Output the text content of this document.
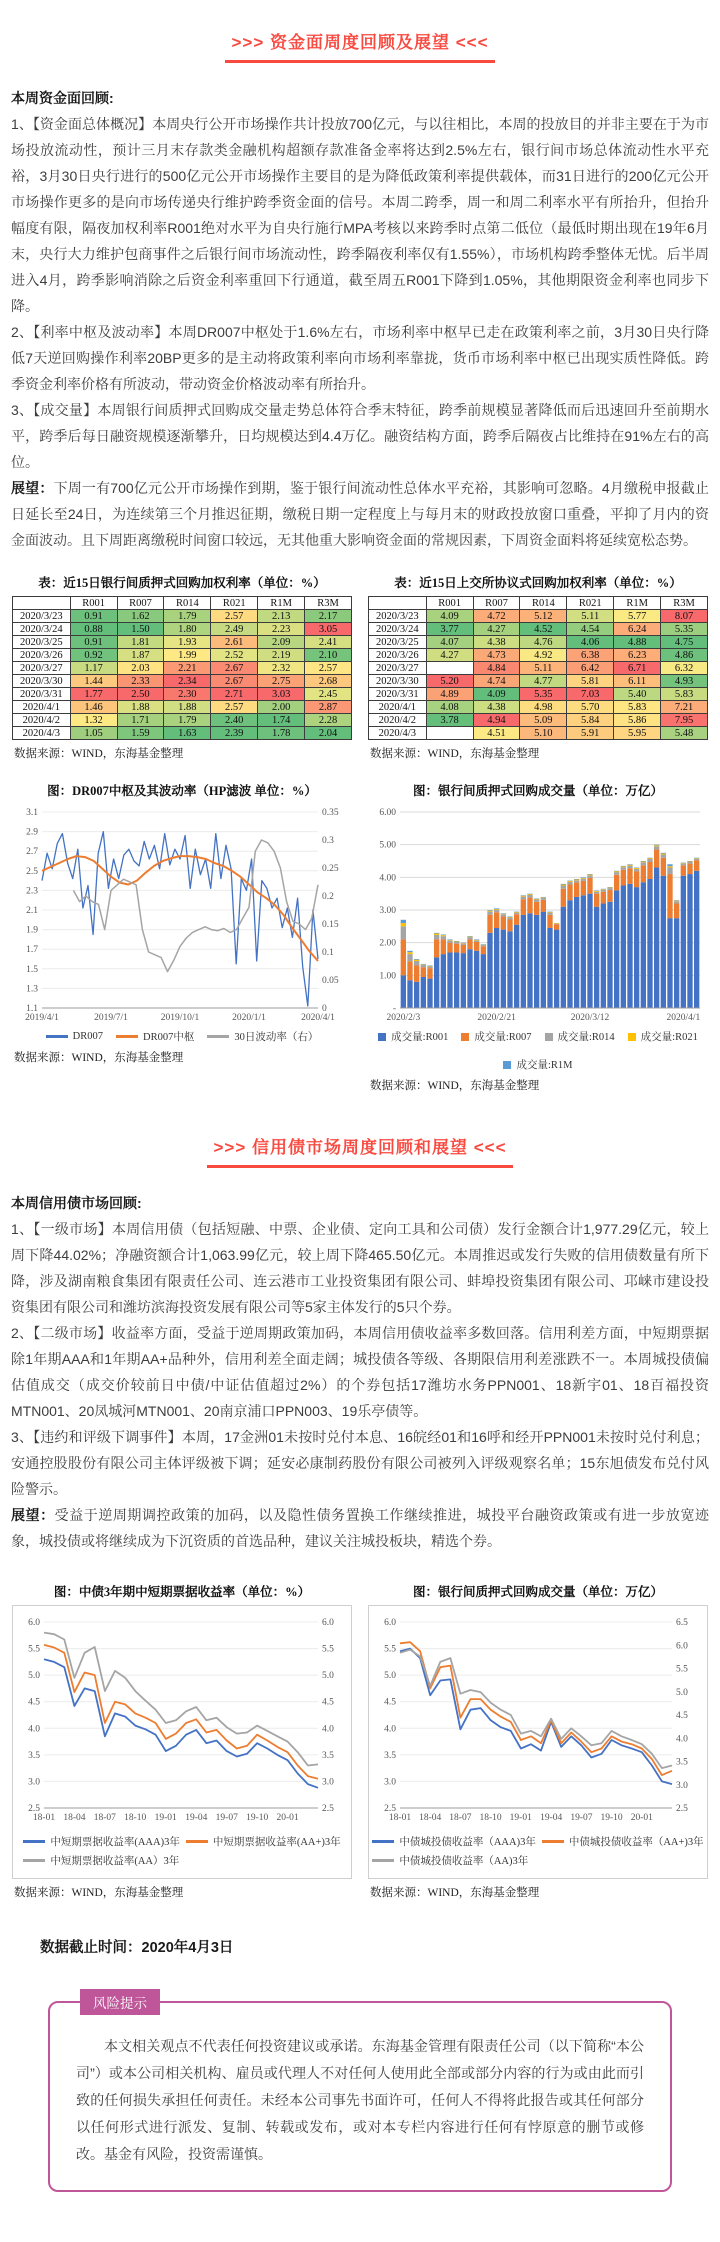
>>> 资金面周度回顾及展望 <<<

本周资金面回顾:

1、【资金面总体概况】本周央行公开市场操作共计投放700亿元，与以往相比，本周的投放目的并非主要在于为市场投放流动性，预计三月末存款类金融机构超额存款准备金率将达到2.5%左右，银行间市场总体流动性水平充裕，3月30日央行进行的500亿元公开市场操作主要目的是为降低政策利率提供载体，而31日进行的200亿元公开市场操作更多的是向市场传递央行维护跨季资金面的信号。本周二跨季，周一和周二利率水平有所抬升，但抬升幅度有限，隔夜加权利率R001绝对水平为自央行施行MPA考核以来跨季时点第二低位（最低时期出现在19年6月末，央行大力维护包商事件之后银行间市场流动性，跨季隔夜利率仅有1.55%），市场机构跨季整体无忧。后半周进入4月，跨季影响消除之后资金利率重回下行通道，截至周五R001下降到1.05%，其他期限资金利率也同步下降。

2、【利率中枢及波动率】本周DR007中枢处于1.6%左右，市场利率中枢早已走在政策利率之前，3月30日央行降低7天逆回购操作利率20BP更多的是主动将政策利率向市场利率靠拢，货币市场利率中枢已出现实质性降低。跨季资金利率价格有所波动，带动资金价格波动率有所抬升。

3、【成交量】本周银行间质押式回购成交量走势总体符合季末特征，跨季前规模显著降低而后迅速回升至前期水平，跨季后每日融资规模逐渐攀升，日均规模达到4.4万亿。融资结构方面，跨季后隔夜占比维持在91%左右的高位。

展望：下周一有700亿元公开市场操作到期，鉴于银行间流动性总体水平充裕，其影响可忽略。4月缴税申报截止日延长至24日，为连续第三个月推迟征期，缴税日期一定程度上与每月末的财政投放窗口重叠，平抑了月内的资金面波动。且下周距离缴税时间窗口较远，无其他重大影响资金面的常规因素，下周资金面料将延续宽松态势。

表：近15日银行间质押式回购加权利率（单位：%）
	R001	R007	R014	R021	R1M	R3M
2020/3/23	0.91	1.62	1.79	2.57	2.13	2.17
2020/3/24	0.88	1.50	1.80	2.49	2.23	3.05
2020/3/25	0.91	1.81	1.93	2.61	2.09	2.41
2020/3/26	0.92	1.87	1.99	2.52	2.19	2.10
2020/3/27	1.17	2.03	2.21	2.67	2.32	2.57
2020/3/30	1.44	2.33	2.34	2.67	2.75	2.68
2020/3/31	1.77	2.50	2.30	2.71	3.03	2.45
2020/4/1	1.46	1.88	1.88	2.57	2.00	2.87
2020/4/2	1.32	1.71	1.79	2.40	1.74	2.28
2020/4/3	1.05	1.59	1.63	2.39	1.78	2.04
数据来源：WIND，东海基金整理
表：近15日上交所协议式回购加权利率（单位：%）
	R001	R007	R014	R021	R1M	R3M
2020/3/23	4.09	4.72	5.12	5.11	5.77	8.07
2020/3/24	3.77	4.27	4.52	4.54	6.24	5.35
2020/3/25	4.07	4.38	4.76	4.06	4.88	4.75
2020/3/26	4.27	4.73	4.92	6.38	6.23	4.86
2020/3/27		4.84	5.11	6.42	6.71	6.32
2020/3/30	5.20	4.74	4.77	5.81	6.11	4.93
2020/3/31	4.89	4.09	5.35	7.03	5.40	5.83
2020/4/1	4.08	4.38	4.98	5.70	5.83	7.21
2020/4/2	3.78	4.94	5.09	5.84	5.86	7.95
2020/4/3		4.51	5.10	5.91	5.95	5.48
数据来源：WIND，东海基金整理
图：DR007中枢及其波动率（HP滤波 单位：%）
3.1
2.9
2.7
2.5
2.3
2.1
1.9
1.7
1.5
1.3
1.1
0.35
0.3
0.25
0.2
0.15
0.1
0.05
0
2019/4/1	2019/7/1	2019/10/1	2020/1/1	2020/4/1
DR007	DR007中枢	30日波动率（右）
数据来源：WIND，东海基金整理
图：银行间质押式回购成交量（单位：万亿）
6.00
5.00
4.00
3.00
2.00
1.00
-
2020/2/3	2020/2/21	2020/3/12	2020/4/1
成交量:R001 成交量:R007 成交量:R014 成交量:R021
成交量:R1M
数据来源：WIND，东海基金整理
>>> 信用债市场周度回顾和展望 <<<

本周信用债市场回顾:

1、【一级市场】本周信用债（包括短融、中票、企业债、定向工具和公司债）发行金额合计1,977.29亿元，较上周下降44.02%；净融资额合计1,063.99亿元，较上周下降465.50亿元。本周推迟或发行失败的信用债数量有所下降，涉及湖南粮食集团有限责任公司、连云港市工业投资集团有限公司、蚌埠投资集团有限公司、邛崃市建设投资集团有限公司和潍坊滨海投资发展有限公司等5家主体发行的5只个券。

2、【二级市场】收益率方面，受益于逆周期政策加码，本周信用债收益率多数回落。信用利差方面，中短期票据除1年期AAA和1年期AA+品种外，信用利差全面走阔；城投债各等级、各期限信用利差涨跌不一。本周城投债偏估值成交（成交价较前日中债/中证估值超过2%）的个券包括17潍坊水务PPN001、18新宇01、18百福投资MTN001、20凤城河MTN001、20南京浦口PPN003、19乐亭债等。

3、【违约和评级下调事件】本周，17金洲01未按时兑付本息、16皖经01和16呼和经开PPN001未按时兑付利息；安通控股股份有限公司主体评级被下调；延安必康制药股份有限公司被列入评级观察名单；15东旭债发布兑付风险警示。

展望：受益于逆周期调控政策的加码，以及隐性债务置换工作继续推进，城投平台融资政策或有进一步放宽迹象，城投债或将继续成为下沉资质的首选品种，建议关注城投板块，精选个券。

图：中债3年期中短期票据收益率（单位：%）
6.0
5.5
5.0
4.5
4.0
3.5
3.0
2.5
6.0
5.5
5.0
4.5
4.0
3.5
3.0
2.5
18-01 18-04 18-07 18-10 19-01 19-04 19-07 19-10 20-01
中短期票据收益率(AAA)3年	中短期票据收益率(AA+)3年
中短期票据收益率(AA）3年
数据来源：WIND，东海基金整理
图：银行间质押式回购成交量（单位：万亿）
6.0
5.5
5.0
4.5
4.0
3.5
3.0
2.5
6.5
6.0
5.5
5.0
4.5
4.0
3.5
3.0
2.5
18-01 18-04 18-07 18-10 19-01 19-04 19-07 19-10 20-01
中债城投债收益率（AAA)3年	中债城投债收益率（AA+)3年
中债城投债收益率（AA)3年
数据来源：WIND，东海基金整理

数据截止时间：2020年4月3日

风险提示

本文相关观点不代表任何投资建议或承诺。东海基金管理有限责任公司（以下简称“本公司”）或本公司相关机构、雇员或代理人不对任何人使用此全部或部分内容的行为或由此而引致的任何损失承担任何责任。未经本公司事先书面许可，任何人不得将此报告或其任何部分以任何形式进行派发、复制、转载或发布，或对本专栏内容进行任何有悖原意的删节或修改。基金有风险，投资需谨慎。
